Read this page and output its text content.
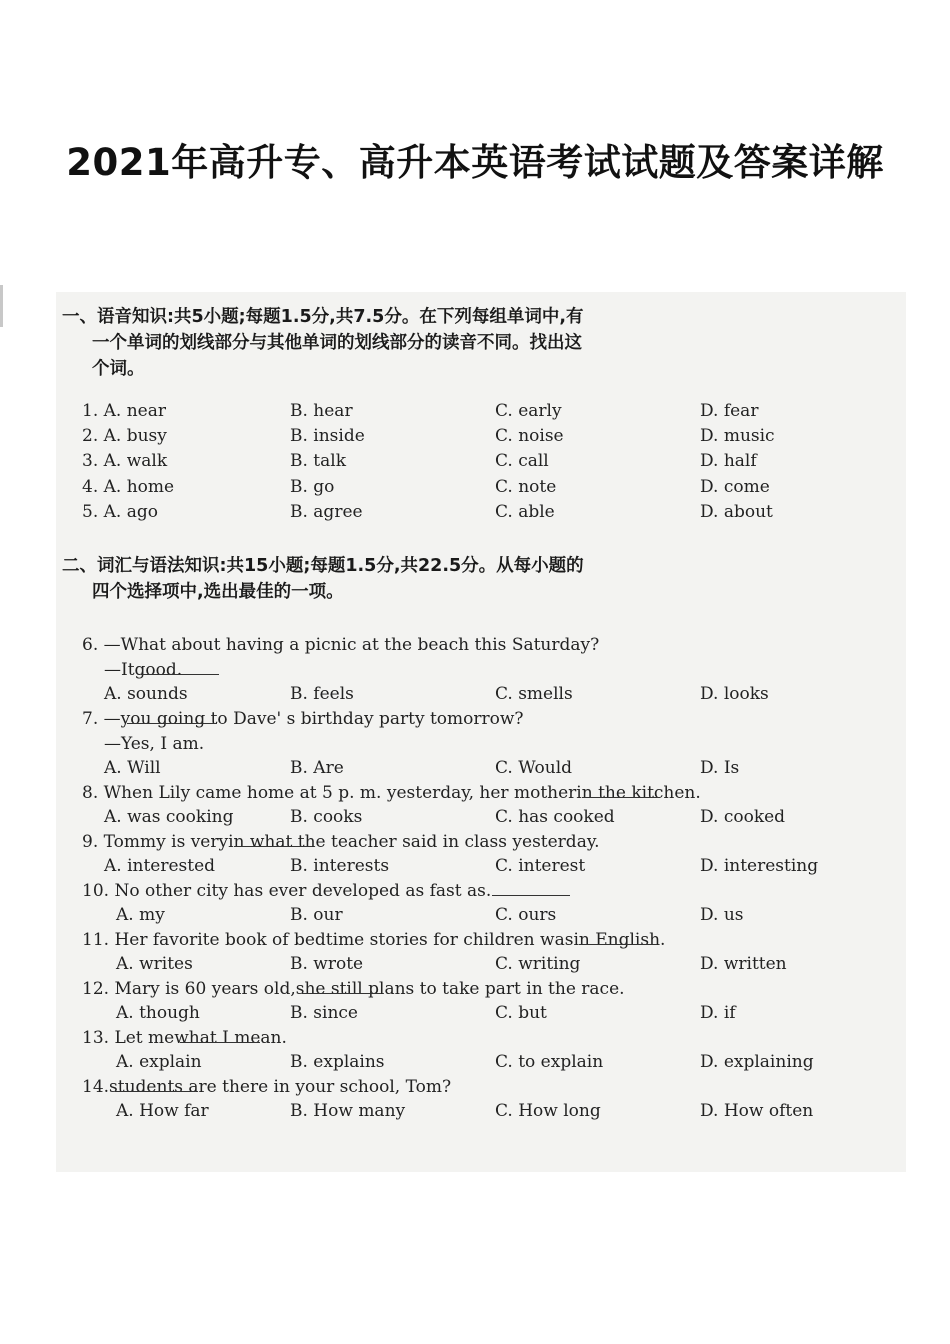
2021年高升专、高升本英语考试试题及答案详解
一、语音知识:共5小题;每题1.5分,共7.5分。在下列每组单词中,有
一个单词的划线部分与其他单词的划线部分的读音不同。找出这
个词。
1. A. near	B. hear	C. early	D. fear
2. A. busy	B. inside	C. noise	D. music
3. A. walk	B. talk	C. call	D. half
4. A. home	B. go	C. note	D. come
5. A. ago	B. agree	C. able	D. about
二、词汇与语法知识:共15小题;每题1.5分,共22.5分。从每小题的
四个选择项中,选出最佳的一项。
6. —What about having a picnic at the beach this Saturday?
—It
good.
A. sounds	B. feels	C. smells	D. looks
7. —
you going to Dave' s birthday party tomorrow?
—Yes, I am.
A. Will	B. Are	C. Would	D. Is
8. When Lily came home at 5 p. m. yesterday, her mother
in the kitchen.
A. was cooking	B. cooks	C. has cooked	D. cooked
9. Tommy is very
in what the teacher said in class yesterday.
A. interested	B. interests	C. interest	D. interesting
10. No other city has ever developed as fast as
.
A. my	B. our	C. ours	D. us
11. Her favorite book of bedtime stories for children was
in English.
A. writes	B. wrote	C. writing	D. written
12. Mary is 60 years old,
she still plans to take part in the race.
A. though	B. since	C. but	D. if
13. Let me
what I mean.
A. explain	B. explains	C. to explain	D. explaining
14.
students are there in your school, Tom?
A. How far	B. How many	C. How long	D. How often
